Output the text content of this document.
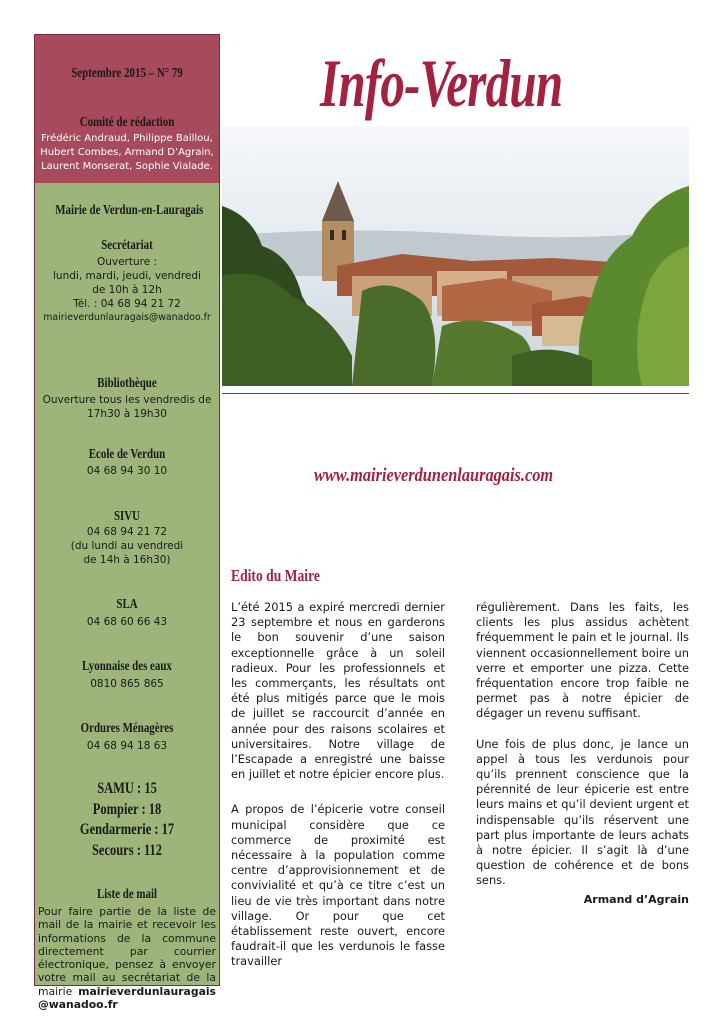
Septembre 2015 – N° 79
Comité de rédaction
Frédéric Andraud, Philippe Baillou,
Hubert Combes, Armand D’Agrain,
Laurent Monserat, Sophie Vialade.
Mairie de Verdun-en-Lauragais
Secrétariat
Ouverture :
lundi, mardi, jeudi, vendredi
de 10h à 12h
Tél. : 04 68 94 21 72
mairieverdunlauragais@wanadoo.fr
Bibliothèque
Ouverture tous les vendredis de
17h30 à 19h30
Ecole de Verdun
04 68 94 30 10
SIVU
04 68 94 21 72
(du lundi au vendredi
de 14h à 16h30)
SLA
04 68 60 66 43
Lyonnaise des eaux
0810 865 865
Ordures Ménagères
04 68 94 18 63
SAMU : 15
Pompier : 18
Gendarmerie : 17
Secours : 112
Liste de mail
Pour faire partie de la liste de mail de la mairie et recevoir les informations de la commune directement par courrier électronique, pensez à envoyer votre mail au secrétariat de la mairie mairieverdunlauragais @wanadoo.fr
Info-Verdun
www.mairieverdunenlauragais.com
Edito du Maire

L’été 2015 a expiré mercredi dernier 23 septembre et nous en garderons le bon souvenir d’une saison exceptionnelle grâce à un soleil radieux. Pour les professionnels et les commerçants, les résultats ont été plus mitigés parce que le mois de juillet se raccourcit d’année en année pour des raisons scolaires et universitaires. Notre village de l’Escapade a enregistré une baisse en juillet et notre épicier encore plus.

A propos de l’épicerie votre conseil municipal considère que ce commerce de proximité est nécessaire à la population comme centre d’approvisionnement et de convivialité et qu’à ce titre c’est un lieu de vie très important dans notre village. Or pour que cet établissement reste ouvert, encore faudrait-il que les verdunois le fasse travailler

régulièrement. Dans les faits, les clients les plus assidus achètent fréquemment le pain et le journal. Ils viennent occasionnellement boire un verre et emporter une pizza. Cette fréquentation encore trop faible ne permet pas à notre épicier de dégager un revenu suffisant.

Une fois de plus donc, je lance un appel à tous les verdunois pour qu’ils prennent conscience que la pérennité de leur épicerie est entre leurs mains et qu’il devient urgent et indispensable qu’ils réservent une part plus importante de leurs achats à notre épicier. Il s’agit là d’une question de cohérence et de bons sens.

Armand d’Agrain
